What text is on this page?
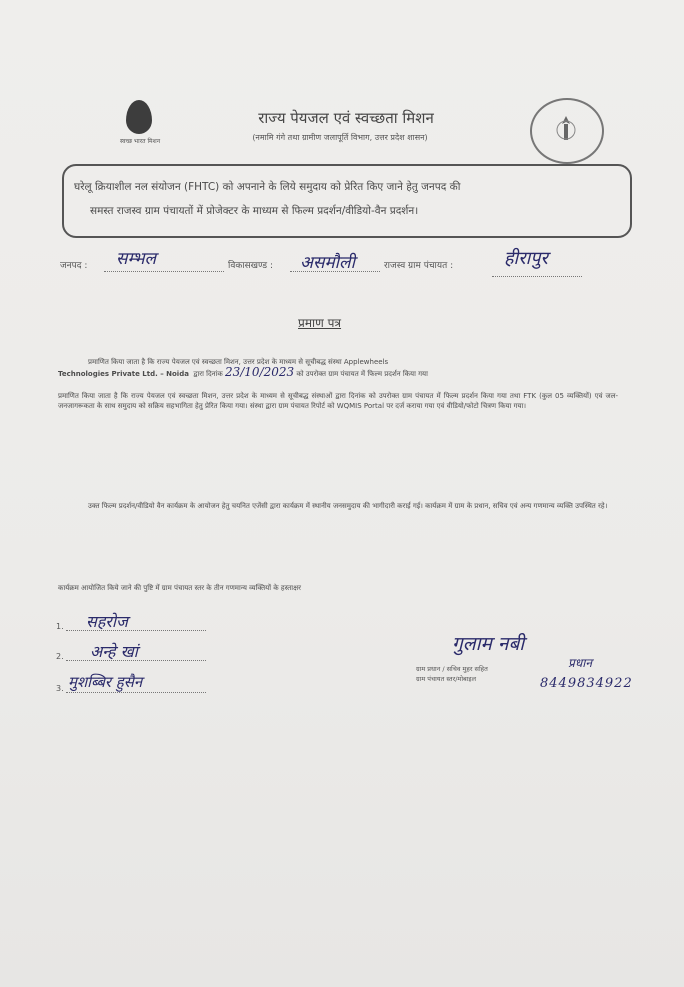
स्वच्छ भारत मिशन
राज्य पेयजल एवं स्वच्छता मिशन
(नमामि गंगे तथा ग्रामीण जलापूर्ति विभाग, उत्तर प्रदेश शासन)
घरेलू क्रियाशील नल संयोजन (FHTC) को अपनाने के लिये समुदाय को प्रेरित किए जाने हेतु जनपद की
समस्त राजस्व ग्राम पंचायतों में प्रोजेक्टर के माध्यम से फिल्म प्रदर्शन/वीडियो-वैन प्रदर्शन।
जनपद : सम्भल	विकासखण्ड : असमौली	राजस्व ग्राम पंचायत :	हीरापुर
प्रमाण पत्र
प्रमाणित किया जाता है कि राज्य पेयजल एवं स्वच्छता मिशन, उत्तर प्रदेश के माध्यम से सूचीबद्ध संस्था Applewheels
Technologies Private Ltd. – Noida  द्वारा दिनांक 23/10/2023 को उपरोक्त ग्राम पंचायत में फिल्म प्रदर्शन किया गया
प्रमाणित किया जाता है कि राज्य पेयजल एवं स्वच्छता मिशन, उत्तर प्रदेश के माध्यम से सूचीबद्ध संस्थाओं द्वारा दिनांक को उपरोक्त ग्राम पंचायत में फिल्म प्रदर्शन किया गया तथा FTK (कुल 05 व्यक्तियों) एवं जल-जनजागरूकता के साथ समुदाय को सक्रिय सहभागिता हेतु प्रेरित किया गया। संस्था द्वारा ग्राम पंचायत रिपोर्ट को WQMIS Portal पर दर्ज कराया गया एवं वीडियो/फोटो चित्रण किया गया।
उक्त फिल्म प्रदर्शन/वीडियो वैन कार्यक्रम के आयोजन हेतु चयनित एजेंसी द्वारा कार्यक्रम में स्थानीय जनसमुदाय की भागीदारी कराई गई। कार्यक्रम में ग्राम के प्रधान, सचिव एवं अन्य गणमान्य व्यक्ति उपस्थित रहे।
कार्यक्रम आयोजित किये जाने की पुष्टि में ग्राम पंचायत स्तर के तीन गणमान्य व्यक्तियों के हस्ताक्षर
1. सहरोज
2. अन्हे खां
3. मुशब्बिर हुसैन
गुलाम नबी
प्रधान
ग्राम प्रधान / सचिव मुहर सहित
ग्राम पंचायत स्तर/मोबाइल	8449834922
